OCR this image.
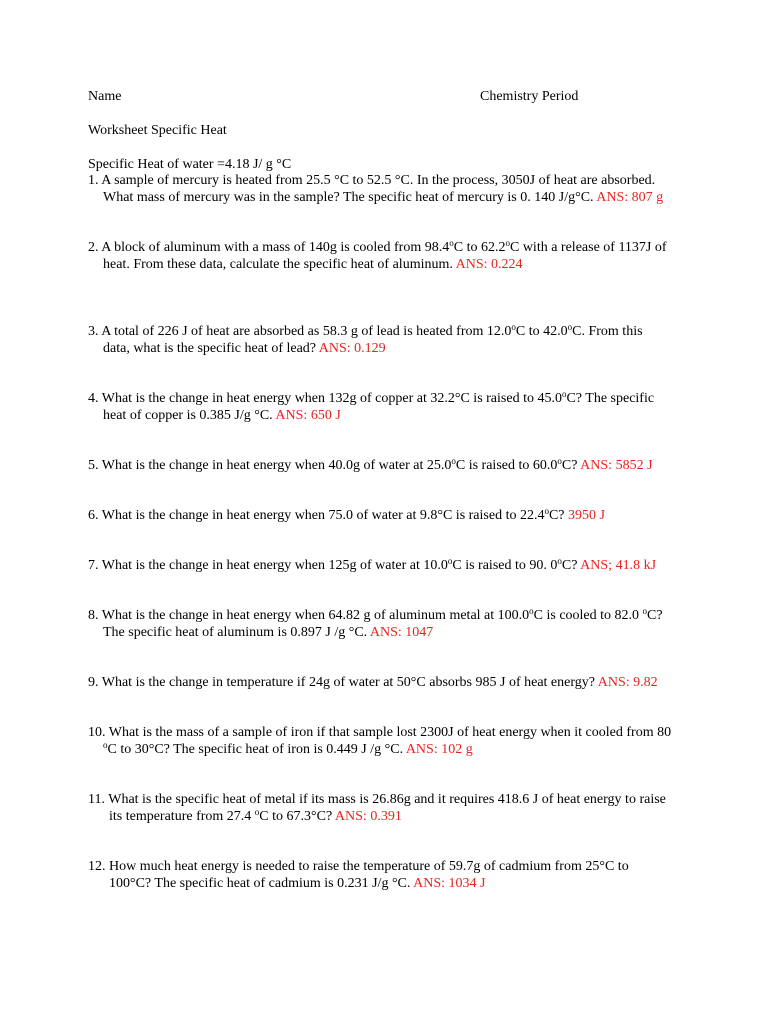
Name	Chemistry Period
Worksheet Specific Heat
Specific Heat of water =4.18 J/ g °C
1. A sample of mercury is heated from 25.5 °C to 52.5 °C. In the process, 3050J of heat are absorbed.
What mass of mercury was in the sample? The specific heat of mercury is 0. 140 J/g°C. ANS: 807 g
2. A block of aluminum with a mass of 140g is cooled from 98.4$^o$C to 62.2$^o$C with a release of 1137J of
heat. From these data, calculate the specific heat of aluminum. ANS: 0.224
3. A total of 226 J of heat are absorbed as 58.3 g of lead is heated from 12.0$^o$C to 42.0$^o$C. From this
data, what is the specific heat of lead? ANS: 0.129
4. What is the change in heat energy when 132g of copper at 32.2°C is raised to 45.0$^o$C? The specific
heat of copper is 0.385 J/g °C. ANS: 650 J
5. What is the change in heat energy when 40.0g of water at 25.0$^o$C is raised to 60.0$^o$C? ANS: 5852 J
6. What is the change in heat energy when 75.0 of water at 9.8°C is raised to 22.4$^o$C? 3950 J
7. What is the change in heat energy when 125g of water at 10.0$^o$C is raised to 90. 0$^o$C? ANS; 41.8 kJ
8. What is the change in heat energy when 64.82 g of aluminum metal at 100.0$^o$C is cooled to 82.0 $^o$C?
The specific heat of aluminum is 0.897 J /g °C. ANS: 1047
9. What is the change in temperature if 24g of water at 50°C absorbs 985 J of heat energy? ANS: 9.82
10. What is the mass of a sample of iron if that sample lost 2300J of heat energy when it cooled from 80
$^o$C to 30°C? The specific heat of iron is 0.449 J /g °C. ANS: 102 g
11. What is the specific heat of metal if its mass is 26.86g and it requires 418.6 J of heat energy to raise
its temperature from 27.4 $^o$C to 67.3°C? ANS: 0.391
12. How much heat energy is needed to raise the temperature of 59.7g of cadmium from 25°C to
100°C? The specific heat of cadmium is 0.231 J/g °C. ANS: 1034 J
